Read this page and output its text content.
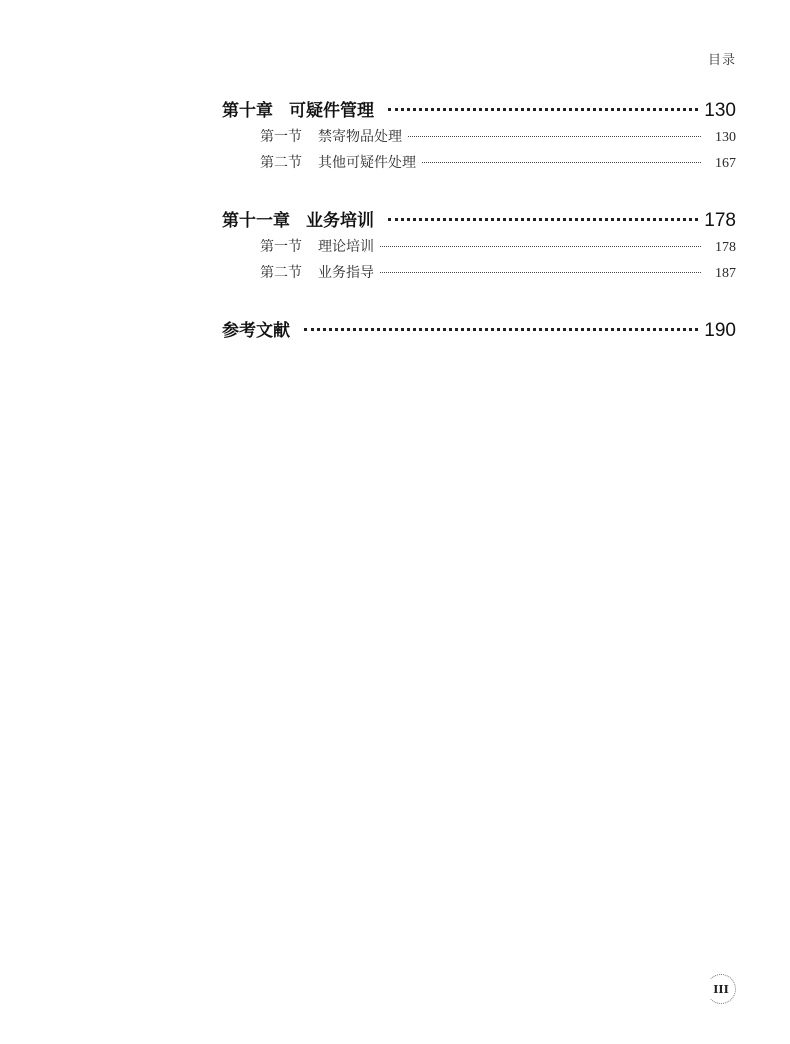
目录
第十章 可疑件管理	130
第一节 禁寄物品处理	130
第二节 其他可疑件处理	167
第十一章 业务培训	178
第一节 理论培训	178
第二节 业务指导	187
参考文献	190
III
